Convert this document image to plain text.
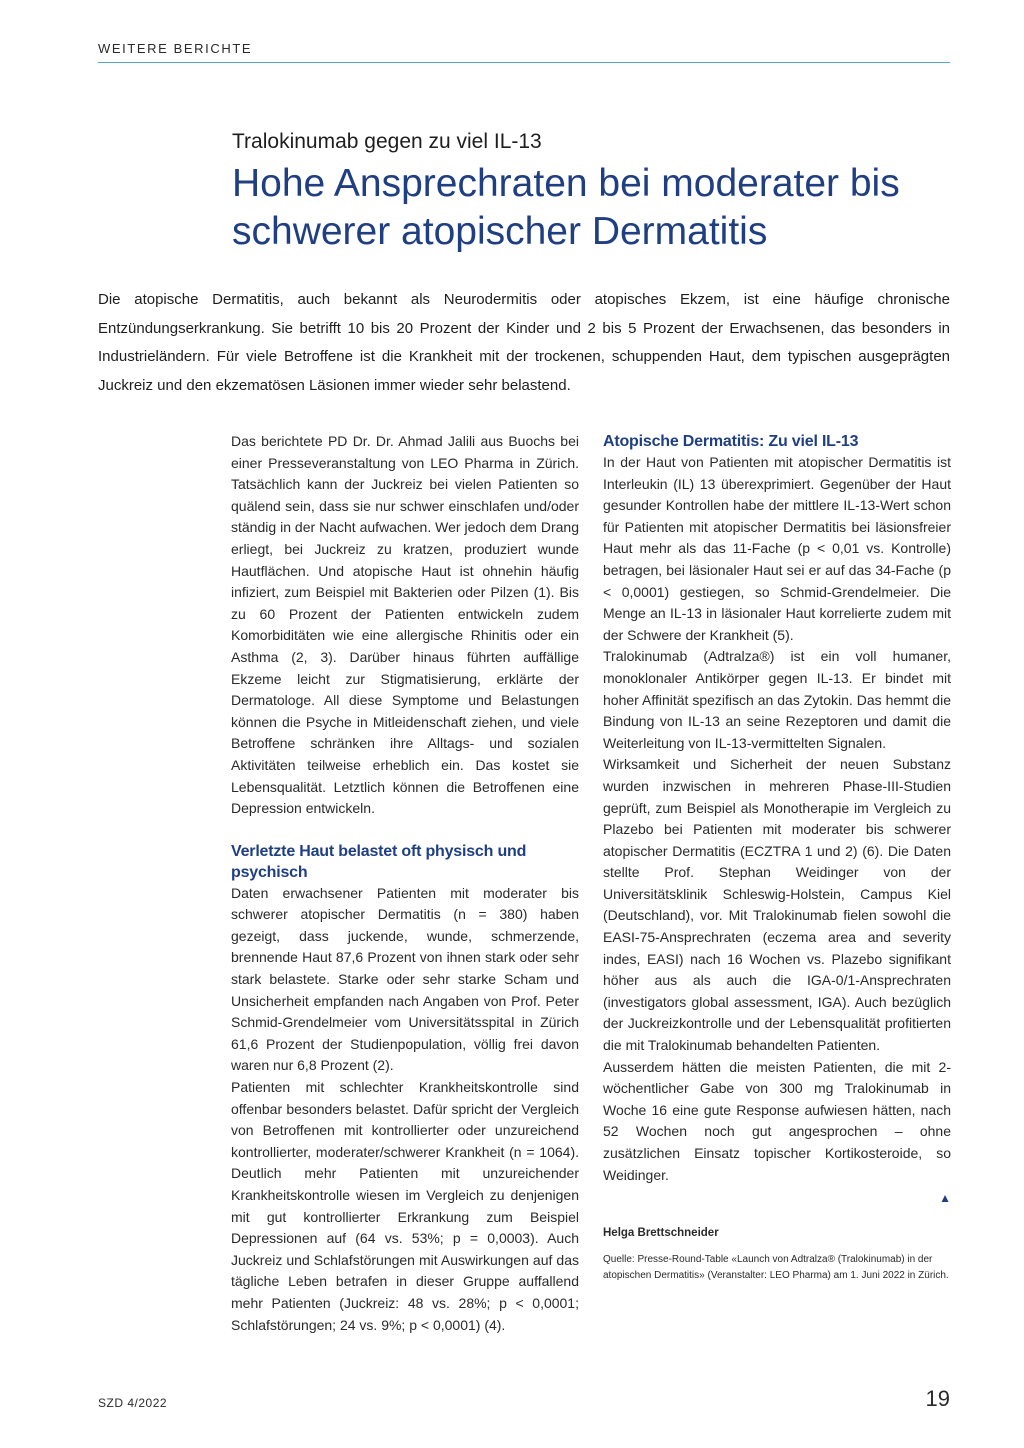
WEITERE BERICHTE
Tralokinumab gegen zu viel IL-13
Hohe Ansprechraten bei moderater bis schwerer atopischer Dermatitis

Die atopische Dermatitis, auch bekannt als Neurodermitis oder atopisches Ekzem, ist eine häufige chronische Entzündungserkrankung. Sie betrifft 10 bis 20 Prozent der Kinder und 2 bis 5 Prozent der Erwachsenen, das besonders in Industrieländern. Für viele Betroffene ist die Krankheit mit der trockenen, schuppenden Haut, dem typischen ausgeprägten Juckreiz und den ekzematösen Läsionen immer wieder sehr belastend.

Das berichtete PD Dr. Dr. Ahmad Jalili aus Buochs bei einer Presseveranstaltung von LEO Pharma in Zürich. Tatsächlich kann der Juckreiz bei vielen Patienten so quälend sein, dass sie nur schwer einschlafen und/oder ständig in der Nacht aufwachen. Wer jedoch dem Drang erliegt, bei Juckreiz zu kratzen, produziert wunde Hautflächen. Und atopische Haut ist ohnehin häufig infiziert, zum Beispiel mit Bakterien oder Pilzen (1). Bis zu 60 Prozent der Patienten entwickeln zudem Komorbiditäten wie eine allergische Rhinitis oder ein Asthma (2, 3). Darüber hinaus führten auffällige Ekzeme leicht zur Stigmatisierung, erklärte der Dermatologe. All diese Symptome und Belastungen können die Psyche in Mitleidenschaft ziehen, und viele Betroffene schränken ihre Alltags- und sozialen Aktivitäten teilweise erheblich ein. Das kostet sie Lebensqualität. Letztlich können die Betroffenen eine Depression entwickeln.

Verletzte Haut belastet oft physisch und psychisch

Daten erwachsener Patienten mit moderater bis schwerer atopischer Dermatitis (n = 380) haben gezeigt, dass juckende, wunde, schmerzende, brennende Haut 87,6 Prozent von ihnen stark oder sehr stark belastete. Starke oder sehr starke Scham und Unsicherheit empfanden nach Angaben von Prof. Peter Schmid-Grendelmeier vom Universitätsspital in Zürich 61,6 Prozent der Studienpopulation, völlig frei davon waren nur 6,8 Prozent (2).

Patienten mit schlechter Krankheitskontrolle sind offenbar besonders belastet. Dafür spricht der Vergleich von Betroffenen mit kontrollierter oder unzureichend kontrollierter, moderater/schwerer Krankheit (n = 1064). Deutlich mehr Patienten mit unzureichender Krankheitskontrolle wiesen im Vergleich zu denjenigen mit gut kontrollierter Erkrankung zum Beispiel Depressionen auf (64 vs. 53%; p = 0,0003). Auch Juckreiz und Schlafstörungen mit Auswirkungen auf das tägliche Leben betrafen in dieser Gruppe auffallend mehr Patienten (Juckreiz: 48 vs. 28%; p < 0,0001; Schlafstörungen; 24 vs. 9%; p < 0,0001) (4).

Atopische Dermatitis: Zu viel IL-13

In der Haut von Patienten mit atopischer Dermatitis ist Interleukin (IL) 13 überexprimiert. Gegenüber der Haut gesunder Kontrollen habe der mittlere IL-13-Wert schon für Patienten mit atopischer Dermatitis bei läsionsfreier Haut mehr als das 11-Fache (p < 0,01 vs. Kontrolle) betragen, bei läsionaler Haut sei er auf das 34-Fache (p < 0,0001) gestiegen, so Schmid-Grendelmeier. Die Menge an IL-13 in läsionaler Haut korrelierte zudem mit der Schwere der Krankheit (5).

Tralokinumab (Adtralza®) ist ein voll humaner, monoklonaler Antikörper gegen IL-13. Er bindet mit hoher Affinität spezifisch an das Zytokin. Das hemmt die Bindung von IL-13 an seine Rezeptoren und damit die Weiterleitung von IL-13-vermittelten Signalen.

Wirksamkeit und Sicherheit der neuen Substanz wurden inzwischen in mehreren Phase-III-Studien geprüft, zum Beispiel als Monotherapie im Vergleich zu Plazebo bei Patienten mit moderater bis schwerer atopischer Dermatitis (ECZTRA 1 und 2) (6). Die Daten stellte Prof. Stephan Weidinger von der Universitätsklinik Schleswig-Holstein, Campus Kiel (Deutschland), vor. Mit Tralokinumab fielen sowohl die EASI-75-Ansprechraten (eczema area and severity indes, EASI) nach 16 Wochen vs. Plazebo signifikant höher aus als auch die IGA-0/1-Ansprechraten (investigators global assessment, IGA). Auch bezüglich der Juckreizkontrolle und der Lebensqualität profitierten die mit Tralokinumab behandelten Patienten.

Ausserdem hätten die meisten Patienten, die mit 2-wöchentlicher Gabe von 300 mg Tralokinumab in Woche 16 eine gute Response aufwiesen hätten, nach 52 Wochen noch gut angesprochen – ohne zusätzlichen Einsatz topischer Kortikosteroide, so Weidinger.

▲
Helga Brettschneider
Quelle: Presse-Round-Table «Launch von Adtralza® (Tralokinumab) in der atopischen Dermatitis» (Veranstalter: LEO Pharma) am 1. Juni 2022 in Zürich.
SZD 4/2022	19
